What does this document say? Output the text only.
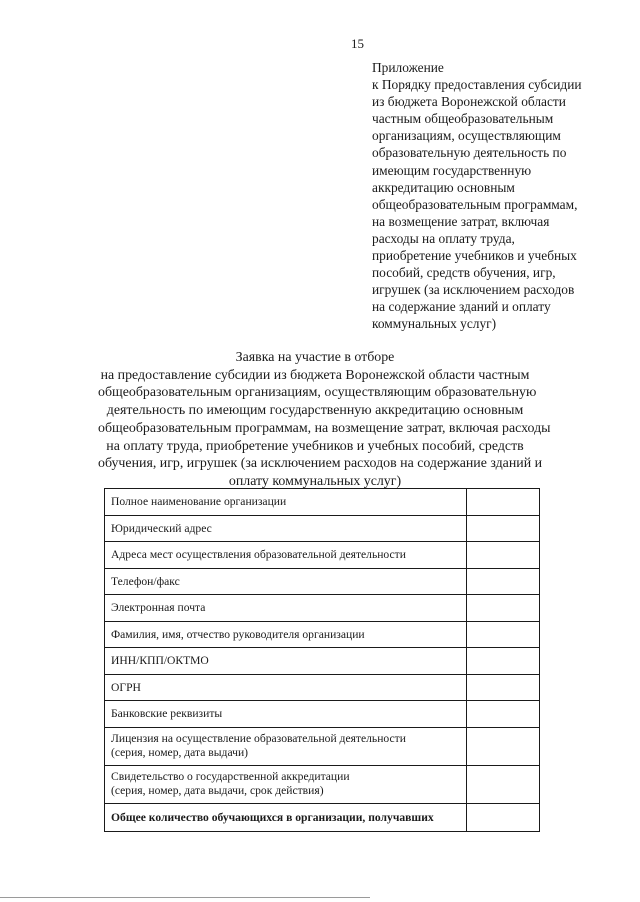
15
Приложение
к Порядку предоставления субсидии
из бюджета Воронежской области
частным общеобразовательным
организациям, осуществляющим
образовательную деятельность по
имеющим государственную
аккредитацию основным
общеобразовательным программам,
на возмещение затрат, включая
расходы на оплату труда,
приобретение учебников и учебных
пособий, средств обучения, игр,
игрушек (за исключением расходов
на содержание зданий и оплату
коммунальных услуг)
Заявка на участие в отборе
на предоставление субсидии из бюджета Воронежской области частным
общеобразовательным организациям, осуществляющим образовательную
деятельность по имеющим государственную аккредитацию основным
общеобразовательным программам, на возмещение затрат, включая расходы
на оплату труда, приобретение учебников и учебных пособий, средств
обучения, игр, игрушек (за исключением расходов на содержание зданий и
оплату коммунальных услуг)
Полное наименование организации	

Юридический адрес	

Адреса мест осуществления образовательной деятельности	

Телефон/факс	

Электронная почта	

Фамилия, имя, отчество руководителя организации	

ИНН/КПП/ОКТМО	

ОГРН	

Банковские реквизиты	

Лицензия на осуществление образовательной деятельности
(серия, номер, дата выдачи)	

Свидетельство о государственной аккредитации
(серия, номер, дата выдачи, срок действия)	

Общее количество обучающихся в организации, получавших	
